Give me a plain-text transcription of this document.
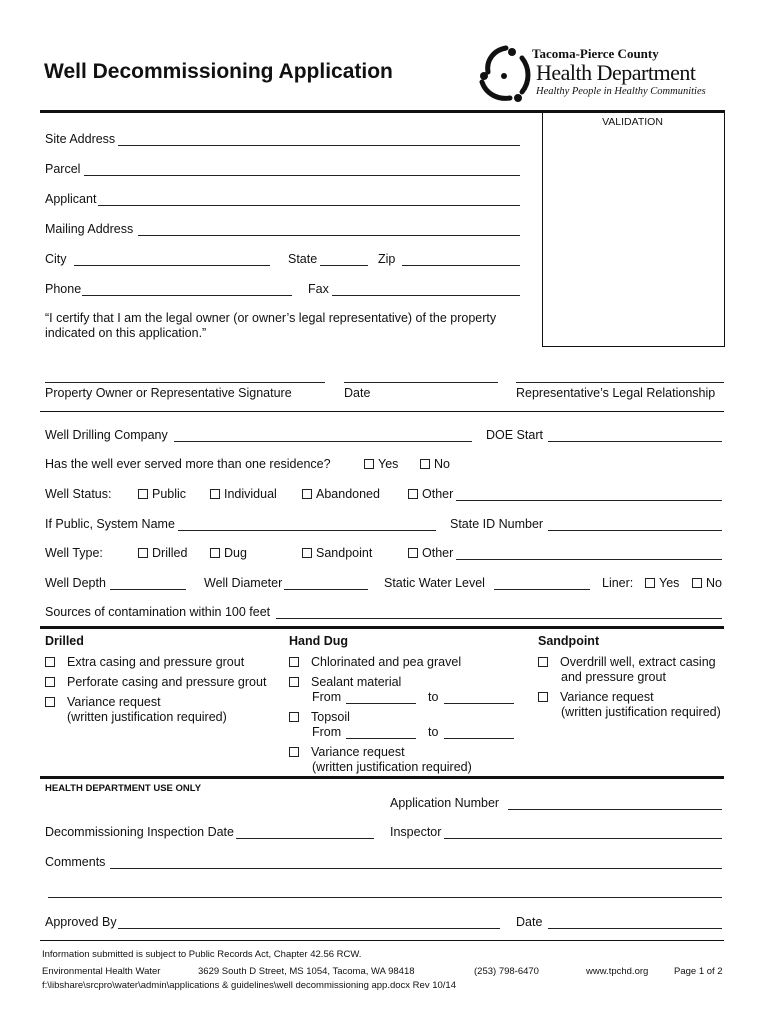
Well Decommissioning Application
Tacoma-Pierce County
Health Department
Healthy People in Healthy Communities
VALIDATION
Site Address
Parcel
Applicant
Mailing Address
City	State	Zip
Phone	Fax
“I certify that I am the legal owner (or owner’s legal representative) of the property
indicated on this application.”
Property Owner or Representative Signature	Date	Representative’s Legal Relationship
Well Drilling Company	DOE Start
Has the well ever served more than one residence?	Yes	No
Well Status:	Public	Individual	Abandoned	Other
If Public, System Name	State ID Number
Well Type:	Drilled	Dug	Sandpoint	Other
Well Depth	Well Diameter	Static Water Level	Liner:	Yes	No
Sources of contamination within 100 feet
Drilled
Extra casing and pressure grout
Perforate casing and pressure grout
Variance request
(written justification required)
Hand Dug
Chlorinated and pea gravel
Sealant material
From	to
Topsoil
From	to
Variance request
(written justification required)
Sandpoint
Overdrill well, extract casing
and pressure grout
Variance request
(written justification required)
HEALTH DEPARTMENT USE ONLY
Application Number
Decommissioning Inspection Date	Inspector
Comments
Approved By	Date
Information submitted is subject to Public Records Act, Chapter 42.56 RCW.
Environmental Health Water	3629 South D Street, MS 1054, Tacoma, WA 98418	(253) 798-6470	www.tpchd.org	Page 1 of 2
f:\libshare\srcpro\water\admin\applications & guidelines\well decommissioning app.docx Rev 10/14
